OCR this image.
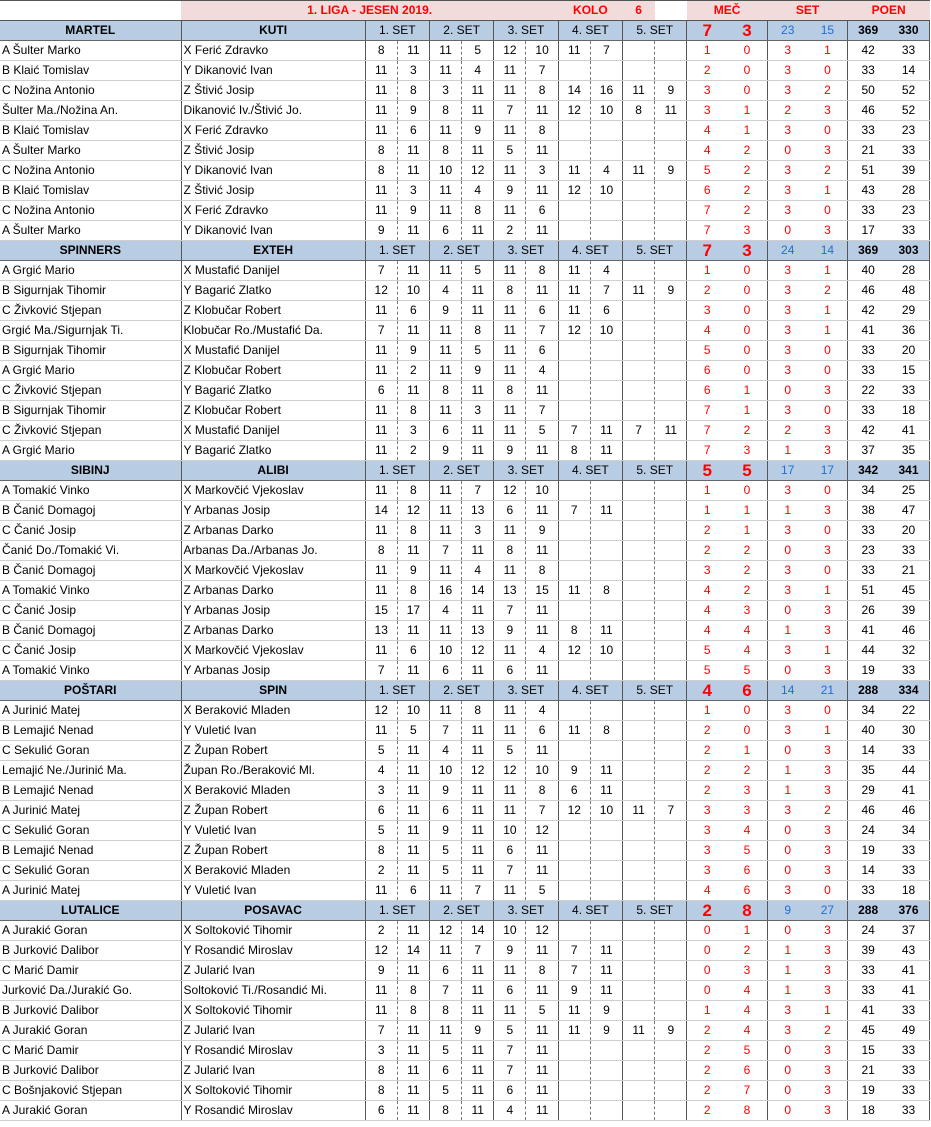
	1. LIGA - JESEN 2019.							KOLO		6		MEČ		SET		POEN	
MARTEL	KUTI	1. SET		2. SET		3. SET		4. SET		5. SET		7	3	23	15	369	330
A Šulter Marko	X Ferić Zdravko	8	11	11	5	12	10	11	7			1	0	3	1	42	33
B Klaić Tomislav	Y Dikanović Ivan	11	3	11	4	11	7					2	0	3	0	33	14
C Nožina Antonio	Z Štivić Josip	11	8	3	11	11	8	14	16	11	9	3	0	3	2	50	52
Šulter Ma./Nožina An.	Dikanović Iv./Štivić Jo.	11	9	8	11	7	11	12	10	8	11	3	1	2	3	46	52
B Klaić Tomislav	X Ferić Zdravko	11	6	11	9	11	8					4	1	3	0	33	23
A Šulter Marko	Z Štivić Josip	8	11	8	11	5	11					4	2	0	3	21	33
C Nožina Antonio	Y Dikanović Ivan	8	11	10	12	11	3	11	4	11	9	5	2	3	2	51	39
B Klaić Tomislav	Z Štivić Josip	11	3	11	4	9	11	12	10			6	2	3	1	43	28
C Nožina Antonio	X Ferić Zdravko	11	9	11	8	11	6					7	2	3	0	33	23
A Šulter Marko	Y Dikanović Ivan	9	11	6	11	2	11					7	3	0	3	17	33
SPINNERS	EXTEH	1. SET		2. SET		3. SET		4. SET		5. SET		7	3	24	14	369	303
A Grgić Mario	X Mustafić Danijel	7	11	11	5	11	8	11	4			1	0	3	1	40	28
B Sigurnjak Tihomir	Y Bagarić Zlatko	12	10	4	11	8	11	11	7	11	9	2	0	3	2	46	48
C Živković Stjepan	Z Klobučar Robert	11	6	9	11	11	6	11	6			3	0	3	1	42	29
Grgić Ma./Sigurnjak Ti.	Klobučar Ro./Mustafić Da.	7	11	11	8	11	7	12	10			4	0	3	1	41	36
B Sigurnjak Tihomir	X Mustafić Danijel	11	9	11	5	11	6					5	0	3	0	33	20
A Grgić Mario	Z Klobučar Robert	11	2	11	9	11	4					6	0	3	0	33	15
C Živković Stjepan	Y Bagarić Zlatko	6	11	8	11	8	11					6	1	0	3	22	33
B Sigurnjak Tihomir	Z Klobučar Robert	11	8	11	3	11	7					7	1	3	0	33	18
C Živković Stjepan	X Mustafić Danijel	11	3	6	11	11	5	7	11	7	11	7	2	2	3	42	41
A Grgić Mario	Y Bagarić Zlatko	11	2	9	11	9	11	8	11			7	3	1	3	37	35
SIBINJ	ALIBI	1. SET		2. SET		3. SET		4. SET		5. SET		5	5	17	17	342	341
A Tomakić Vinko	X Markovčić Vjekoslav	11	8	11	7	12	10					1	0	3	0	34	25
B Čanić Domagoj	Y Arbanas Josip	14	12	11	13	6	11	7	11			1	1	1	3	38	47
C Čanić Josip	Z Arbanas Darko	11	8	11	3	11	9					2	1	3	0	33	20
Čanić Do./Tomakić Vi.	Arbanas Da./Arbanas Jo.	8	11	7	11	8	11					2	2	0	3	23	33
B Čanić Domagoj	X Markovčić Vjekoslav	11	9	11	4	11	8					3	2	3	0	33	21
A Tomakić Vinko	Z Arbanas Darko	11	8	16	14	13	15	11	8			4	2	3	1	51	45
C Čanić Josip	Y Arbanas Josip	15	17	4	11	7	11					4	3	0	3	26	39
B Čanić Domagoj	Z Arbanas Darko	13	11	11	13	9	11	8	11			4	4	1	3	41	46
C Čanić Josip	X Markovčić Vjekoslav	11	6	10	12	11	4	12	10			5	4	3	1	44	32
A Tomakić Vinko	Y Arbanas Josip	7	11	6	11	6	11					5	5	0	3	19	33
POŠTARI	SPIN	1. SET		2. SET		3. SET		4. SET		5. SET		4	6	14	21	288	334
A Jurinić Matej	X Beraković Mladen	12	10	11	8	11	4					1	0	3	0	34	22
B Lemajić Nenad	Y Vuletić Ivan	11	5	7	11	11	6	11	8			2	0	3	1	40	30
C Sekulić Goran	Z Župan Robert	5	11	4	11	5	11					2	1	0	3	14	33
Lemajić Ne./Jurinić Ma.	Župan Ro./Beraković Ml.	4	11	10	12	12	10	9	11			2	2	1	3	35	44
B Lemajić Nenad	X Beraković Mladen	3	11	9	11	11	8	6	11			2	3	1	3	29	41
A Jurinić Matej	Z Župan Robert	6	11	6	11	11	7	12	10	11	7	3	3	3	2	46	46
C Sekulić Goran	Y Vuletić Ivan	5	11	9	11	10	12					3	4	0	3	24	34
B Lemajić Nenad	Z Župan Robert	8	11	5	11	6	11					3	5	0	3	19	33
C Sekulić Goran	X Beraković Mladen	2	11	5	11	7	11					3	6	0	3	14	33
A Jurinić Matej	Y Vuletić Ivan	11	6	11	7	11	5					4	6	3	0	33	18
LUTALICE	POSAVAC	1. SET		2. SET		3. SET		4. SET		5. SET		2	8	9	27	288	376
A Jurakić Goran	X Soltoković Tihomir	2	11	12	14	10	12					0	1	0	3	24	37
B Jurković Dalibor	Y Rosandić Miroslav	12	14	11	7	9	11	7	11			0	2	1	3	39	43
C Marić Damir	Z Jularić Ivan	9	11	6	11	11	8	7	11			0	3	1	3	33	41
Jurković Da./Jurakić Go.	Soltoković Ti./Rosandić Mi.	11	8	7	11	6	11	9	11			0	4	1	3	33	41
B Jurković Dalibor	X Soltoković Tihomir	11	8	8	11	11	5	11	9			1	4	3	1	41	33
A Jurakić Goran	Z Jularić Ivan	7	11	11	9	5	11	11	9	11	9	2	4	3	2	45	49
C Marić Damir	Y Rosandić Miroslav	3	11	5	11	7	11					2	5	0	3	15	33
B Jurković Dalibor	Z Jularić Ivan	8	11	6	11	7	11					2	6	0	3	21	33
C Bošnjaković Stjepan	X Soltoković Tihomir	8	11	5	11	6	11					2	7	0	3	19	33
A Jurakić Goran	Y Rosandić Miroslav	6	11	8	11	4	11					2	8	0	3	18	33
